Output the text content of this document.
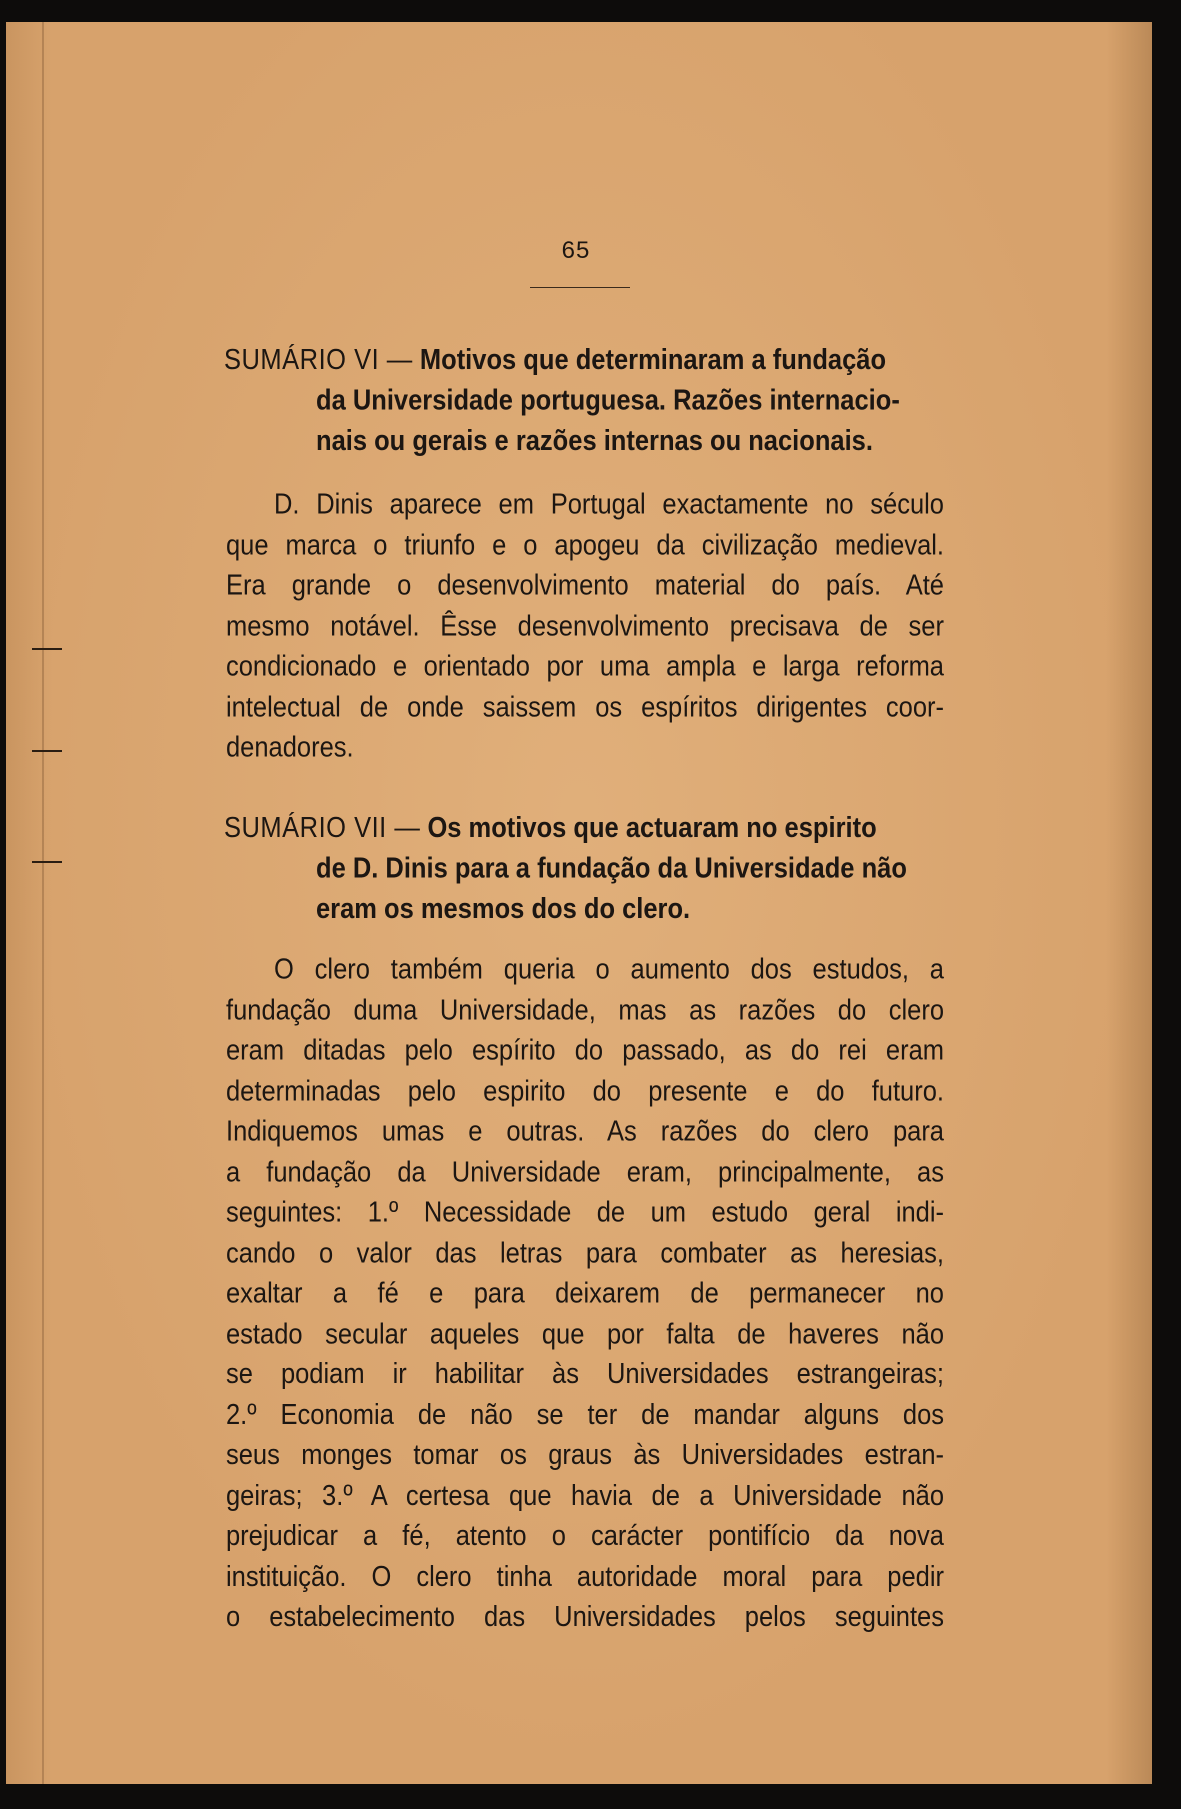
65
SUMÁRIO VI — Motivos que determinaram a fundação
da Universidade portuguesa. Razões internacio-
nais ou gerais e razões internas ou nacionais.
D. Dinis aparece em Portugal exactamente no século
que marca o triunfo e o apogeu da civilização medieval.
Era grande o desenvolvimento material do país. Até
mesmo notável. Êsse desenvolvimento precisava de ser
condicionado e orientado por uma ampla e larga reforma
intelectual de onde saissem os espíritos dirigentes coor-
denadores.
SUMÁRIO VII — Os motivos que actuaram no espirito
de D. Dinis para a fundação da Universidade não
eram os mesmos dos do clero.
O clero também queria o aumento dos estudos, a
fundação duma Universidade, mas as razões do clero
eram ditadas pelo espírito do passado, as do rei eram
determinadas pelo espirito do presente e do futuro.
Indiquemos umas e outras. As razões do clero para
a fundação da Universidade eram, principalmente, as
seguintes: 1.º Necessidade de um estudo geral indi-
cando o valor das letras para combater as heresias,
exaltar a fé e para deixarem de permanecer no
estado secular aqueles que por falta de haveres não
se podiam ir habilitar às Universidades estrangeiras;
2.º Economia de não se ter de mandar alguns dos
seus monges tomar os graus às Universidades estran-
geiras; 3.º A certesa que havia de a Universidade não
prejudicar a fé, atento o carácter pontifício da nova
instituição. O clero tinha autoridade moral para pedir
o estabelecimento das Universidades pelos seguintes
